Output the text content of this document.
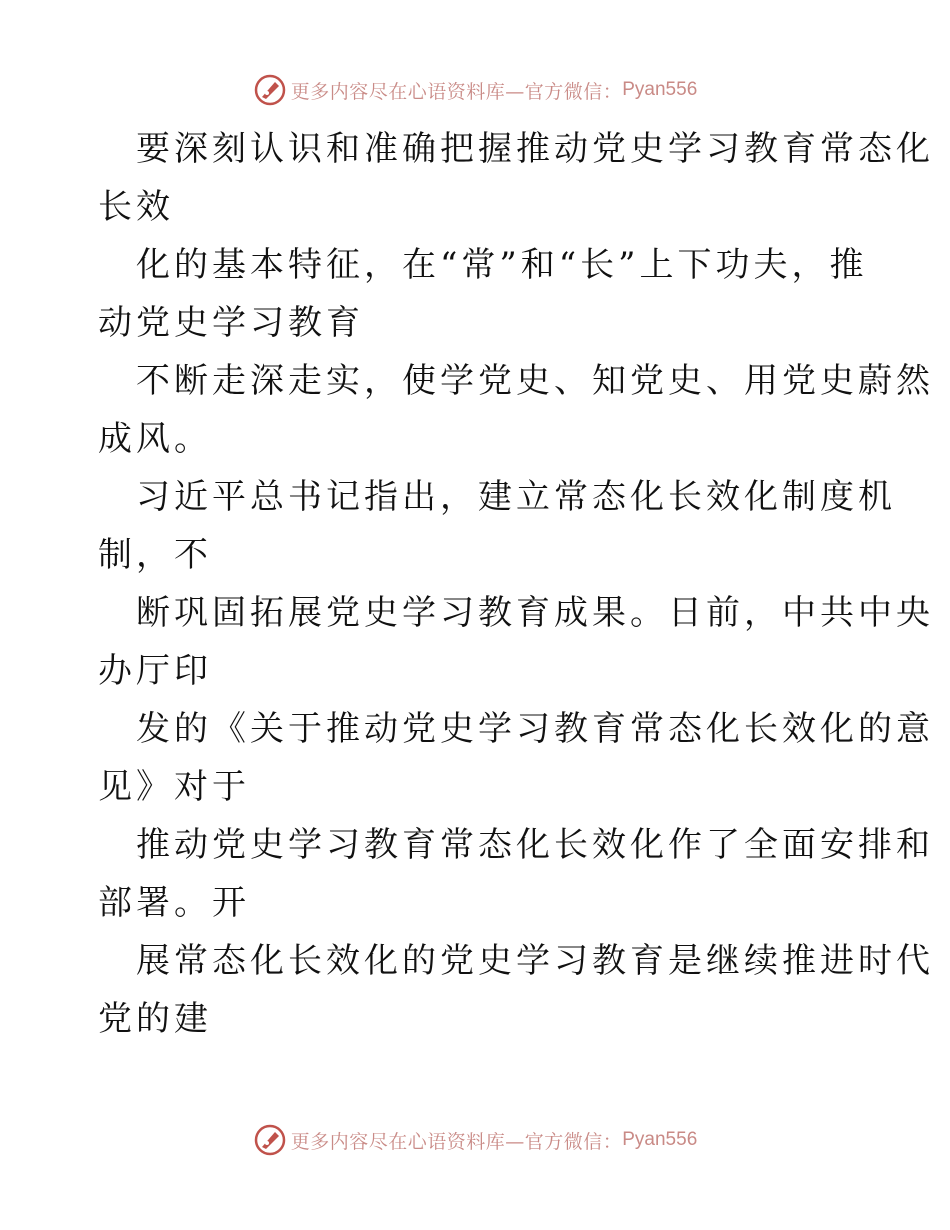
更多内容尽在心语资料库—官方微信： Pyan556
要深刻认识和准确把握推动党史学习教育常态化
长效
化的基本特征，在“常”和“长”上下功夫，推
动党史学习教育
不断走深走实，使学党史、知党史、用党史蔚然
成风。
习近平总书记指出，建立常态化长效化制度机
制，不
断巩固拓展党史学习教育成果。日前，中共中央
办厅印
发的《关于推动党史学习教育常态化长效化的意
见》对于
推动党史学习教育常态化长效化作了全面安排和
部署。开
展常态化长效化的党史学习教育是继续推进时代
党的建
更多内容尽在心语资料库—官方微信： Pyan556
